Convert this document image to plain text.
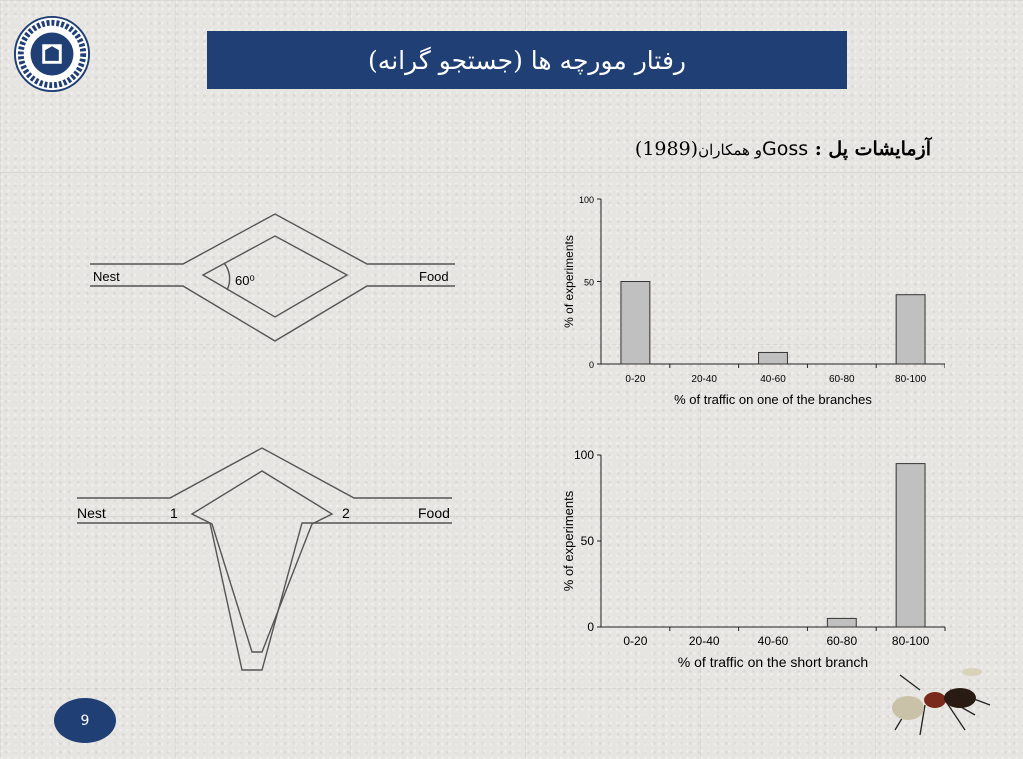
رفتار مورچه ها (جستجو گرانه)
آزمایشات پل : Gossو همکاران(1989)
Nest	Food
60⁰
Nest	1	2	Food
0
50
100
0-20	20-40	40-60	60-80	80-100
% of traffic on one of the branches
% of experiments
0
50
100
0-20	20-40	40-60	60-80	80-100
% of traffic on the short branch
% of experiments
9
